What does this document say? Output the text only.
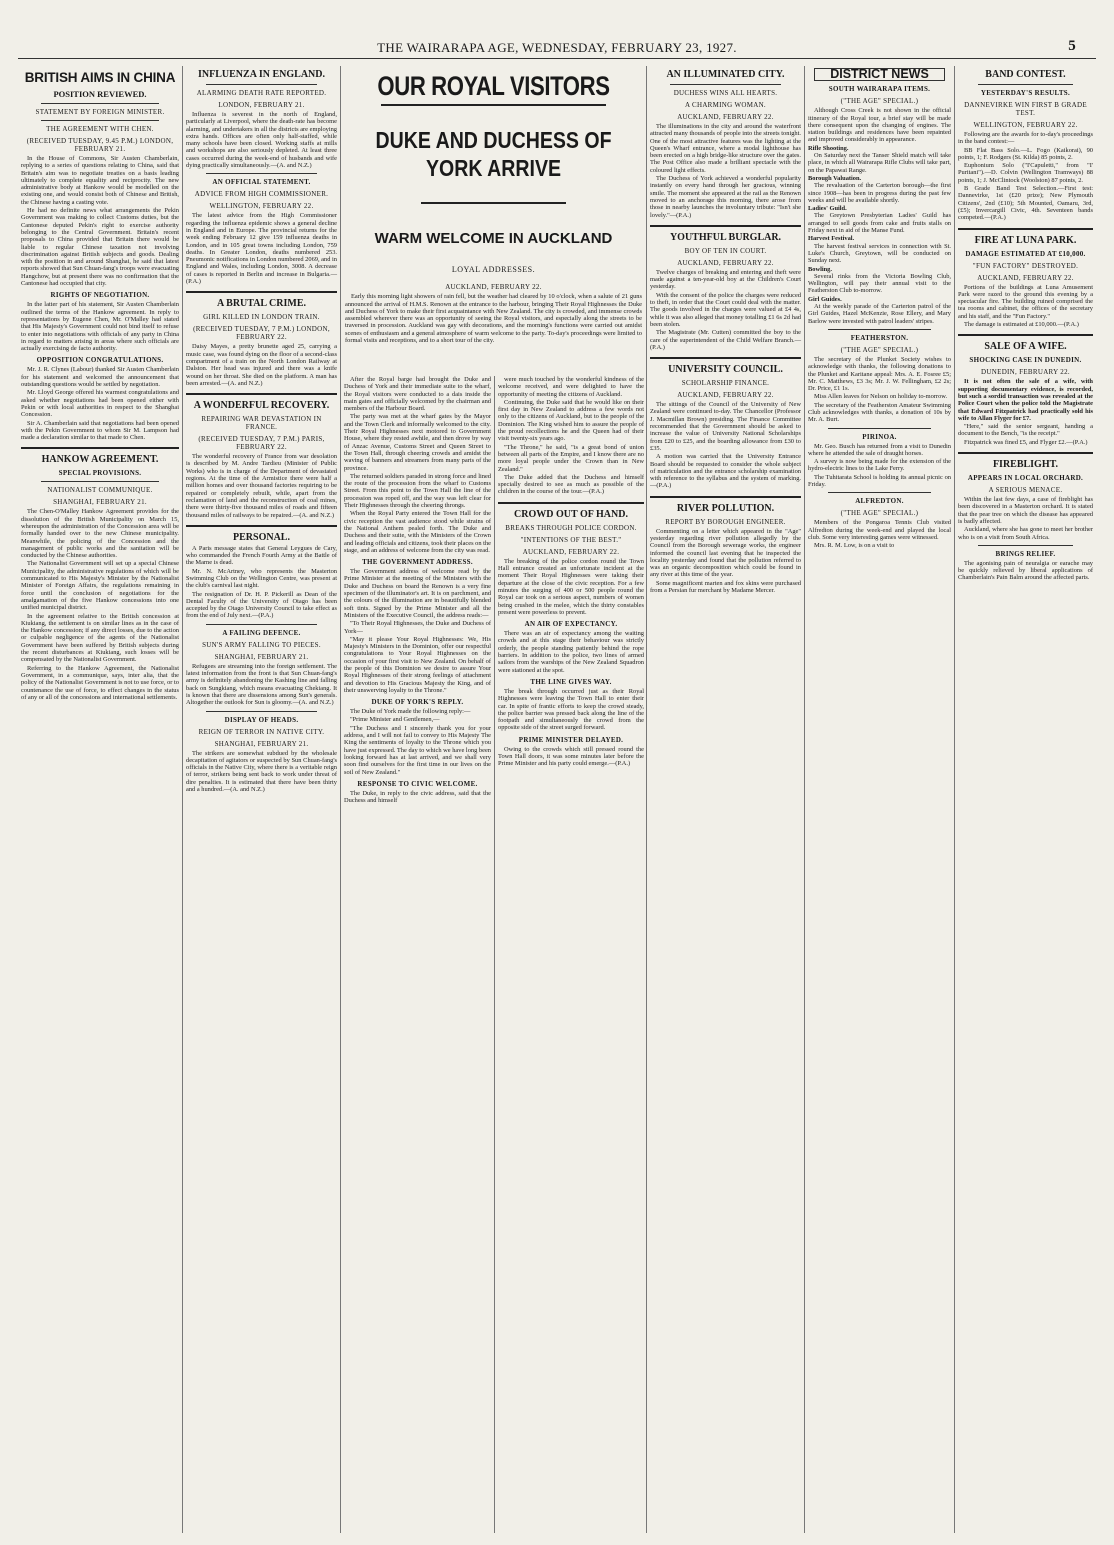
THE WAIRARAPA AGE, WEDNESDAY, FEBRUARY 23, 1927.	5
BRITISH AIMS IN CHINA
POSITION REVIEWED.
STATEMENT BY FOREIGN MINISTER.
THE AGREEMENT WITH CHEN.
(RECEIVED TUESDAY, 9.45 P.M.) LONDON, FEBRUARY 21.

In the House of Commons, Sir Austen Chamberlain, replying to a series of questions relating to China, said that Britain's aim was to negotiate treaties on a basis leading ultimately to complete equality and reciprocity. The new administrative body at Hankow would be modelled on the existing one, and would consist both of Chinese and British, the Chinese having a casting vote.

He had no definite news what arrangements the Pekin Government was making to collect Customs duties, but the Cantonese deputed Pekin's right to exercise authority belonging to the Central Government. Britain's recent proposals to China provided that Britain there would be liable to regular Chinese taxation not involving discrimination against British subjects and goods. Dealing with the position in and around Shanghai, he said that latest reports showed that Sun Chuan-fang's troops were evacuating Hangchow, but at present there was no confirmation that the Cantonese had occupied that city.

RIGHTS OF NEGOTIATION.

In the latter part of his statement, Sir Austen Chamberlain outlined the terms of the Hankow agreement. In reply to representations by Eugene Chen, Mr. O'Malley had stated that His Majesty's Government could not bind itself to refuse to enter into negotiations with officials of any party in China in regard to matters arising in areas where such officials are actually exercising de facto authority.

OPPOSITION CONGRATULATIONS.

Mr. J. R. Clynes (Labour) thanked Sir Austen Chamberlain for his statement and welcomed the announcement that outstanding questions would be settled by negotiation.

Mr. Lloyd George offered his warmest congratulations and asked whether negotiations had been opened either with Pekin or with local authorities in respect to the Shanghai Concession.

Sir A. Chamberlain said that negotiations had been opened with the Pekin Government to whom Sir M. Lampson had made a declaration similar to that made to Chen.

HANKOW AGREEMENT.
SPECIAL PROVISIONS.
NATIONALIST COMMUNIQUE.
SHANGHAI, FEBRUARY 21.

The Chen-O'Malley Hankow Agreement provides for the dissolution of the British Municipality on March 15, whereupon the administration of the Concession area will be formally handed over to the new Chinese municipality. Meanwhile, the policing of the Concession and the management of public works and the sanitation will be conducted by the Chinese authorities.

The Nationalist Government will set up a special Chinese Municipality, the administrative regulations of which will be communicated to His Majesty's Minister by the Nationalist Minister of Foreign Affairs, the regulations remaining in force until the conclusion of negotiations for the amalgamation of the five Hankow concessions into one unified municipal district.

In the agreement relative to the British concession at Kiukiang, the settlement is on similar lines as in the case of the Hankow concession; if any direct losses, due to the action or culpable negligence of the agents of the Nationalist Government have been suffered by British subjects during the recent disturbances at Kiukiang, such losses will be compensated by the Nationalist Government.

Referring to the Hankow Agreement, the Nationalist Government, in a communique, says, inter alia, that the policy of the Nationalist Government is not to use force, or to countenance the use of force, to effect changes in the status of any or all of the concessions and international settlements.

INFLUENZA IN ENGLAND.
ALARMING DEATH RATE REPORTED.
LONDON, FEBRUARY 21.

Influenza is severest in the north of England, particularly at Liverpool, where the death-rate has become alarming, and undertakers in all the districts are employing extra hands. Offices are often only half-staffed, while many schools have been closed. Working staffs at mills and workshops are also seriously depleted. At least three cases occurred during the week-end of husbands and wife dying practically simultaneously.—(A. and N.Z.)

AN OFFICIAL STATEMENT.
ADVICE FROM HIGH COMMISSIONER.
WELLINGTON, FEBRUARY 22.

The latest advice from the High Commissioner regarding the influenza epidemic shows a general decline in England and in Europe. The provincial returns for the week ending February 12 give 159 influenza deaths in London, and in 105 great towns including London, 759 deaths. In Greater London, deaths numbered 253. Pneumonic notifications in London numbered 2069, and in England and Wales, including London, 3008. A decrease of cases is reported in Berlin and increase in Bulgaria.—(P.A.)

A BRUTAL CRIME.
GIRL KILLED IN LONDON TRAIN.
(RECEIVED TUESDAY, 7 P.M.) LONDON, FEBRUARY 22.

Daisy Mayes, a pretty brunette aged 25, carrying a music case, was found dying on the floor of a second-class compartment of a train on the North London Railway at Dalston. Her head was injured and there was a knife wound on her throat. She died on the platform. A man has been arrested.—(A. and N.Z.)

A WONDERFUL RECOVERY.
REPAIRING WAR DEVASTATION IN FRANCE.
(RECEIVED TUESDAY, 7 P.M.) PARIS, FEBRUARY 22.

The wonderful recovery of France from war desolation is described by M. Andre Tardieu (Minister of Public Works) who is in charge of the Department of devastated regions. At the time of the Armistice there were half a million homes and over thousand factories requiring to be repaired or completely rebuilt, while, apart from the reclamation of land and the reconstruction of coal mines, there were thirty-five thousand miles of roads and fifteen thousand miles of railways to be repaired.—(A. and N.Z.)

PERSONAL.

A Paris message states that General Leygues de Cary, who commanded the French Fourth Army at the Battle of the Marne is dead.

Mr. N. McArtney, who represents the Masterton Swimming Club on the Wellington Centre, was present at the club's carnival last night.

The resignation of Dr. H. P. Pickerill as Dean of the Dental Faculty of the University of Otago has been accepted by the Otago University Council to take effect as from the end of July next.—(P.A.)

A FAILING DEFENCE.
SUN'S ARMY FALLING TO PIECES.
SHANGHAI, FEBRUARY 21.

Refugees are streaming into the foreign settlement. The latest information from the front is that Sun Chuan-fang's army is definitely abandoning the Kashing line and falling back on Sungkiang, which means evacuating Chekiang. It is known that there are dissensions among Sun's generals. Altogether the outlook for Sun is gloomy.—(A. and N.Z.)

DISPLAY OF HEADS.
REIGN OF TERROR IN NATIVE CITY.
SHANGHAI, FEBRUARY 21.

The strikers are somewhat subdued by the wholesale decapitation of agitators or suspected by Sun Chuan-fang's officials in the Native City, where there is a veritable reign of terror, strikers being sent back to work under threat of dire penalties. It is estimated that there have been thirty and a hundred.—(A. and N.Z.)

OUR ROYAL VISITORS
DUKE AND DUCHESS OF YORK ARRIVE
WARM WELCOME IN AUCKLAND
LOYAL ADDRESSES.
AUCKLAND, FEBRUARY 22.

Early this morning light showers of rain fell, but the weather had cleared by 10 o'clock, when a salute of 21 guns announced the arrival of H.M.S. Renown at the entrance to the harbour, bringing Their Royal Highnesses the Duke and Duchess of York to make their first acquaintance with New Zealand. The city is crowded, and immense crowds assembled wherever there was an opportunity of seeing the Royal visitors, and especially along the streets to be traversed in procession. Auckland was gay with decorations, and the morning's functions were carried out amidst scenes of enthusiasm and a general atmosphere of warm welcome to the party. To-day's proceedings were limited to formal visits and receptions, and to a short tour of the city.

After the Royal barge had brought the Duke and Duchess of York and their immediate suite to the wharf, the Royal visitors were conducted to a dais inside the main gates and officially welcomed by the chairman and members of the Harbour Board.

The party was met at the wharf gates by the Mayor and the Town Clerk and informally welcomed to the city. Their Royal Highnesses next motored to Government House, where they rested awhile, and then drove by way of Anzac Avenue, Customs Street and Queen Street to the Town Hall, through cheering crowds and amidst the waving of banners and streamers from many parts of the province.

The returned soldiers paraded in strong force and lined the route of the procession from the wharf to Customs Street. From this point to the Town Hall the line of the procession was roped off, and the way was left clear for Their Highnesses through the cheering throngs.

When the Royal Party entered the Town Hall for the civic reception the vast audience stood while strains of the National Anthem pealed forth. The Duke and Duchess and their suite, with the Ministers of the Crown and leading officials and citizens, took their places on the stage, and an address of welcome from the city was read.

THE GOVERNMENT ADDRESS.

The Government address of welcome read by the Prime Minister at the meeting of the Ministers with the Duke and Duchess on board the Renown is a very fine specimen of the illuminator's art. It is on parchment, and the colours of the illumination are in beautifully blended soft tints. Signed by the Prime Minister and all the Ministers of the Executive Council, the address reads:—

"To Their Royal Highnesses, the Duke and Duchess of York—

"May it please Your Royal Highnesses: We, His Majesty's Ministers in the Dominion, offer our respectful congratulations to Your Royal Highnesses on the occasion of your first visit to New Zealand. On behalf of the people of this Dominion we desire to assure Your Royal Highnesses of their strong feelings of attachment and devotion to His Gracious Majesty the King, and of their unswerving loyalty to the Throne."

DUKE OF YORK'S REPLY.

The Duke of York made the following reply:—

"Prime Minister and Gentlemen,—

"The Duchess and I sincerely thank you for your address, and I will not fail to convey to His Majesty The King the sentiments of loyalty to the Throne which you have just expressed. The day to which we have long been looking forward has at last arrived, and we shall very soon find ourselves for the first time in our lives on the soil of New Zealand."

RESPONSE TO CIVIC WELCOME.

The Duke, in reply to the civic address, said that the Duchess and himself

were much touched by the wonderful kindness of the welcome received, and were delighted to have the opportunity of meeting the citizens of Auckland.

Continuing, the Duke said that he would like on their first day in New Zealand to address a few words not only to the citizens of Auckland, but to the people of the Dominion. The King wished him to assure the people of the proud recollections he and the Queen had of their visit twenty-six years ago.

"The Throne," he said, "is a great bond of union between all parts of the Empire, and I know there are no more loyal people under the Crown than in New Zealand."

The Duke added that the Duchess and himself specially desired to see as much as possible of the children in the course of the tour.—(P.A.)

CROWD OUT OF HAND.
BREAKS THROUGH POLICE CORDON.
"INTENTIONS OF THE BEST."
AUCKLAND, FEBRUARY 22.

The breaking of the police cordon round the Town Hall entrance created an unfortunate incident at the moment Their Royal Highnesses were taking their departure at the close of the civic reception. For a few minutes the surging of 400 or 500 people round the Royal car took on a serious aspect, numbers of women being crushed in the melee, which the thirty constables present were powerless to prevent.

AN AIR OF EXPECTANCY.

There was an air of expectancy among the waiting crowds and at this stage their behaviour was strictly orderly, the people standing patiently behind the rope barriers. In addition to the police, two lines of armed sailors from the warships of the New Zealand Squadron were stationed at the spot.

THE LINE GIVES WAY.

The break through occurred just as their Royal Highnesses were leaving the Town Hall to enter their car. In spite of frantic efforts to keep the crowd steady, the police barrier was pressed back along the line of the footpath and simultaneously the crowd from the opposite side of the street surged forward.

PRIME MINISTER DELAYED.

Owing to the crowds which still pressed round the Town Hall doors, it was some minutes later before the Prime Minister and his party could emerge.—(P.A.)

AN ILLUMINATED CITY.
DUCHESS WINS ALL HEARTS.
A CHARMING WOMAN.
AUCKLAND, FEBRUARY 22.

The illuminations in the city and around the waterfront attracted many thousands of people into the streets tonight. One of the most attractive features was the lighting at the Queen's Wharf entrance, where a modal lighthouse has been erected on a high bridge-like structure over the gates. The Post Office also made a brilliant spectacle with the coloured light effects.

The Duchess of York achieved a wonderful popularity instantly on every hand through her gracious, winning smile. The moment she appeared at the rail as the Renown moved to an anchorage this morning, there arose from those in nearby launches the involuntary tribute: "Isn't she lovely."—(P.A.)

YOUTHFUL BURGLAR.
BOY OF TEN IN COURT.
AUCKLAND, FEBRUARY 22.

Twelve charges of breaking and entering and theft were made against a ten-year-old boy at the Children's Court yesterday.

With the consent of the police the charges were reduced to theft, in order that the Court could deal with the matter. The goods involved in the charges were valued at £4 4s, while it was also alleged that money totalling £1 6s 2d had been stolen.

The Magistrate (Mr. Cutten) committed the boy to the care of the superintendent of the Child Welfare Branch.—(P.A.)

UNIVERSITY COUNCIL.
SCHOLARSHIP FINANCE.
AUCKLAND, FEBRUARY 22.

The sittings of the Council of the University of New Zealand were continued to-day. The Chancellor (Professor J. Macmillan Brown) presiding. The Finance Committee recommended that the Government should be asked to increase the value of University National Scholarships from £20 to £25, and the boarding allowance from £30 to £35.

A motion was carried that the University Entrance Board should be requested to consider the whole subject of matriculation and the entrance scholarship examination with reference to the syllabus and the system of marking.—(P.A.)

RIVER POLLUTION.
REPORT BY BOROUGH ENGINEER.

Commenting on a letter which appeared in the "Age" yesterday regarding river pollution allegedly by the Council from the Borough sewerage works, the engineer informed the council last evening that he inspected the locality yesterday and found that the pollution referred to was an organic decomposition which could be found in any river at this time of the year.

Some magnificent marten and fox skins were purchased from a Persian fur merchant by Madame Mercer.

DISTRICT NEWS
SOUTH WAIRARAPA ITEMS.
("THE AGE" SPECIAL.)

Although Cross Creek is not shown in the official itinerary of the Royal tour, a brief stay will be made there consequent upon the changing of engines. The station buildings and residences have been repainted and improved considerably in appearance.

Rifle Shooting.

On Saturday next the Tanser Shield match will take place, in which all Wairarapa Rifle Clubs will take part, on the Papawai Range.

Borough Valuation.

The revaluation of the Carterton borough—the first since 1908—has been in progress during the past few weeks and will be available shortly.

Ladies' Guild.

The Greytown Presbyterian Ladies' Guild has arranged to sell goods from cake and fruits stalls on Friday next in aid of the Manse Fund.

Harvest Festival.

The harvest festival services in connection with St. Luke's Church, Greytown, will be conducted on Sunday next.

Bowling.

Several rinks from the Victoria Bowling Club, Wellington, will pay their annual visit to the Featherston Club to-morrow.

Girl Guides.

At the weekly parade of the Carterton patrol of the Girl Guides, Hazel McKenzie, Rose Ellery, and Mary Barlow were invested with patrol leaders' stripes.

FEATHERSTON.
("THE AGE" SPECIAL.)

The secretary of the Plunket Society wishes to acknowledge with thanks, the following donations to the Plunket and Karitane appeal: Mrs. A. E. Fosree £5; Mr. C. Matthews, £3 3s; Mr. J. W. Fellingham, £2 2s; Dr. Price, £1 1s.

Miss Allen leaves for Nelson on holiday to-morrow.

The secretary of the Featherston Amateur Swimming Club acknowledges with thanks, a donation of 10s by Mr. A. Burt.

PIRINOA.

Mr. Geo. Busch has returned from a visit to Dunedin where he attended the sale of draught horses.

A survey is now being made for the extension of the hydro-electric lines to the Lake Ferry.

The Tuhitarata School is holding its annual picnic on Friday.

ALFREDTON.
("THE AGE" SPECIAL.)

Members of the Pongaroa Tennis Club visited Alfredton during the week-end and played the local club. Some very interesting games were witnessed.

Mrs. R. M. Low, is on a visit to

BAND CONTEST.
YESTERDAY'S RESULTS.
DANNEVIRKE WIN FIRST B GRADE TEST.
WELLINGTON, FEBRUARY 22.

Following are the awards for to-day's proceedings in the band contest:—

BB Flat Bass Solo.—L. Fogo (Kaikorai), 90 points, 1; F. Rodgers (St. Kilda) 85 points, 2.

Euphonium Solo ("I'Capuletti," from "I' Puritani").—D. Colvin (Wellington Tramways) 88 points, 1; J. McClintock (Woolston) 87 points, 2.

B Grade Band Test Selection.—First test: Dannevirke, 1st (£20 prize); New Plymouth Citizens', 2nd (£10); 5th Mounted, Oamaru, 3rd, (£5); Invercargill Civic, 4th. Seventeen bands competed.—(P.A.)

FIRE AT LUNA PARK.
DAMAGE ESTIMATED AT £10,000.
"FUN FACTORY" DESTROYED.
AUCKLAND, FEBRUARY 22.

Portions of the buildings at Luna Amusement Park were razed to the ground this evening by a spectacular fire. The building ruined comprised the tea rooms and cabinet, the offices of the secretary and his staff, and the "Fun Factory."

The damage is estimated at £10,000.—(P.A.)

SALE OF A WIFE.
SHOCKING CASE IN DUNEDIN.
DUNEDIN, FEBRUARY 22.

It is not often the sale of a wife, with supporting documentary evidence, is recorded, but such a sordid transaction was revealed at the Police Court when the police told the Magistrate that Edward Fitzpatrick had practically sold his wife to Allan Flyger for £7.

"Here," said the senior sergeant, handing a document to the Bench, "is the receipt."

Fitzpatrick was fined £5, and Flyger £2.—(P.A.)

FIREBLIGHT.
APPEARS IN LOCAL ORCHARD.
A SERIOUS MENACE.

Within the last few days, a case of fireblight has been discovered in a Masterton orchard. It is stated that the pear tree on which the disease has appeared is badly affected.

Auckland, where she has gone to meet her brother who is on a visit from South Africa.

BRINGS RELIEF.

The agonising pain of neuralgia or earache may be quickly relieved by liberal applications of Chamberlain's Pain Balm around the affected parts.
